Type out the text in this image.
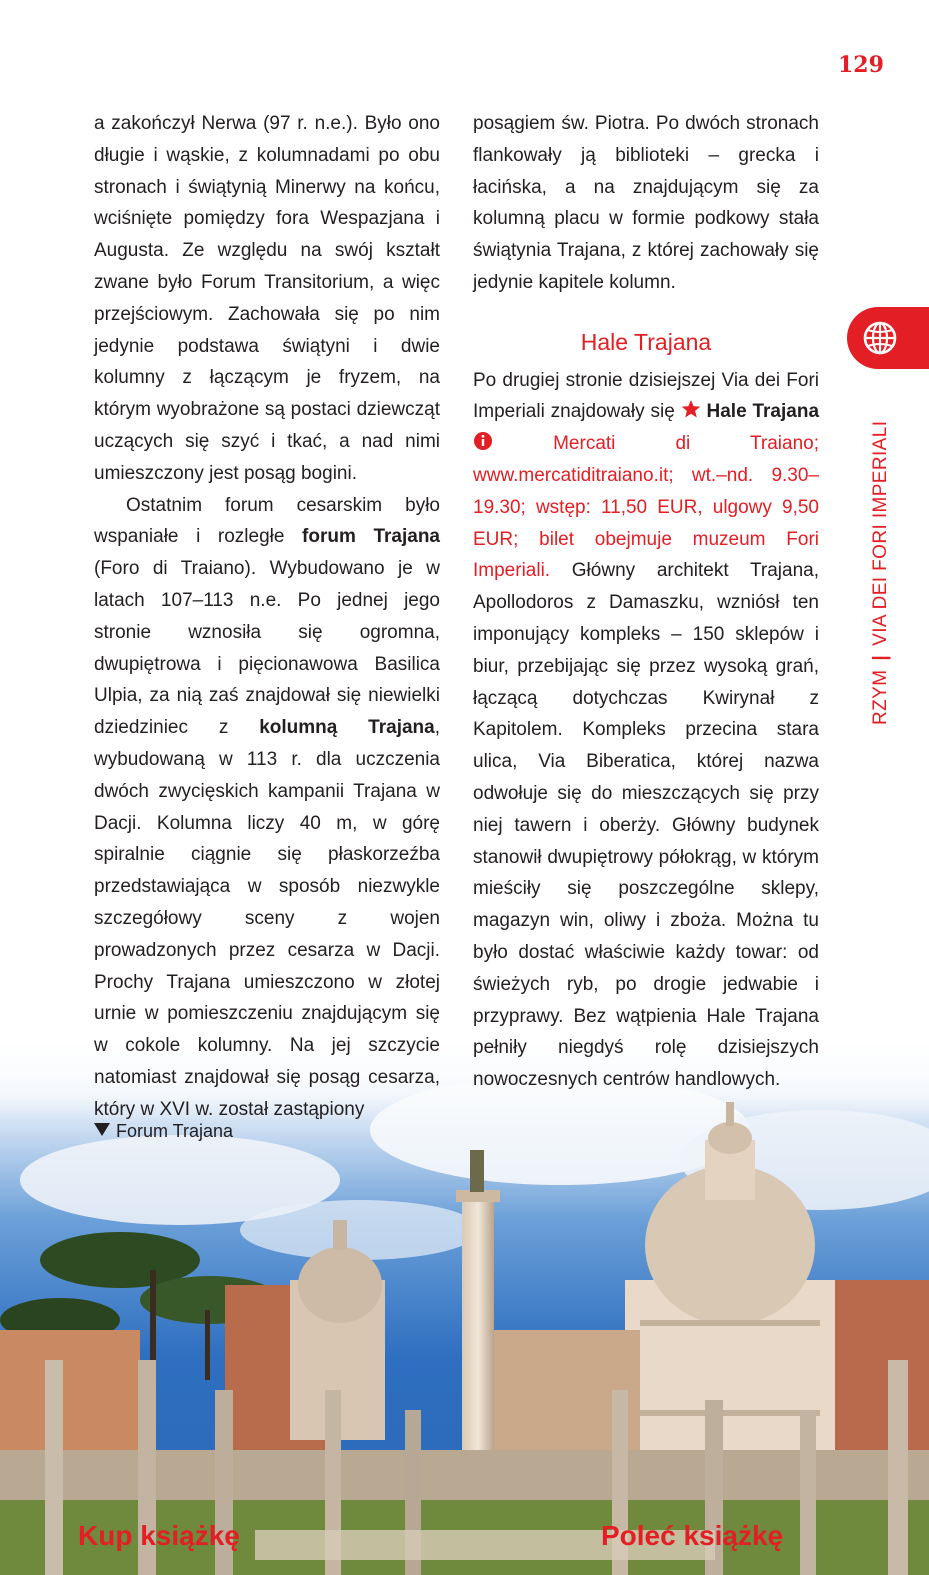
129

a zakończył Nerwa (97 r. n.e.). Było ono długie i wąskie, z kolumnadami po obu stronach i świątynią Minerwy na końcu, wciśnięte pomiędzy fora Wespazjana i Augusta. Ze względu na swój kształt zwane było Forum Transitorium, a więc przejściowym. Zachowała się po nim jedynie podstawa świątyni i dwie kolumny z łączącym je fryzem, na którym wyobrażone są postaci dziewcząt uczących się szyć i tkać, a nad nimi umieszczony jest posąg bogini.

Ostatnim forum cesarskim było wspaniałe i rozległe forum Trajana (Foro di Traiano). Wybudowano je w latach 107–113 n.e. Po jednej jego stronie wznosiła się ogromna, dwupiętrowa i pięcionawowa Basilica Ulpia, za nią zaś znajdował się niewielki dziedziniec z kolumną Trajana, wybudowaną w 113 r. dla uczczenia dwóch zwycięskich kampanii Trajana w Dacji. Kolumna liczy 40 m, w górę spiralnie ciągnie się płaskorzeźba przedstawiająca w sposób niezwykle szczegółowy sceny z wojen prowadzonych przez cesarza w Dacji. Prochy Trajana umieszczono w złotej urnie w pomieszczeniu znajdującym się w cokole kolumny. Na jej szczycie natomiast znajdował się posąg cesarza, który w XVI w. został zastąpiony

posągiem św. Piotra. Po dwóch stronach flankowały ją biblioteki – grecka i łacińska, a na znajdującym się za kolumną placu w formie podkowy stała świątynia Trajana, z której zachowały się jedynie kapitele kolumn.

Hale Trajana

Po drugiej stronie dzisiejszej Via dei Fori Imperiali znajdowały się  Hale Trajana  Mercati di Traiano; www.mercatiditraiano.it; wt.–nd. 9.30–19.30; wstęp: 11,50 EUR, ulgowy 9,50 EUR; bilet obejmuje muzeum Fori Imperiali. Główny architekt Trajana, Apollodoros z Damaszku, wzniósł ten imponujący kompleks – 150 sklepów i biur, przebijając się przez wysoką grań, łączącą dotychczas Kwirynał z Kapitolem. Kompleks przecina stara ulica, Via Biberatica, której nazwa odwołuje się do mieszczących się przy niej tawern i oberży. Główny budynek stanowił dwupiętrowy półokrąg, w którym mieściły się poszczególne sklepy, magazyn win, oliwy i zboża. Można tu było dostać właściwie każdy towar: od świeżych ryb, po drogie jedwabie i przyprawy. Bez wątpienia Hale Trajana pełniły niegdyś rolę dzisiejszych nowoczesnych centrów handlowych.

RZYM|VIA DEI FORI IMPERIALI
Forum Trajana
Kup książkę	Poleć książkę
